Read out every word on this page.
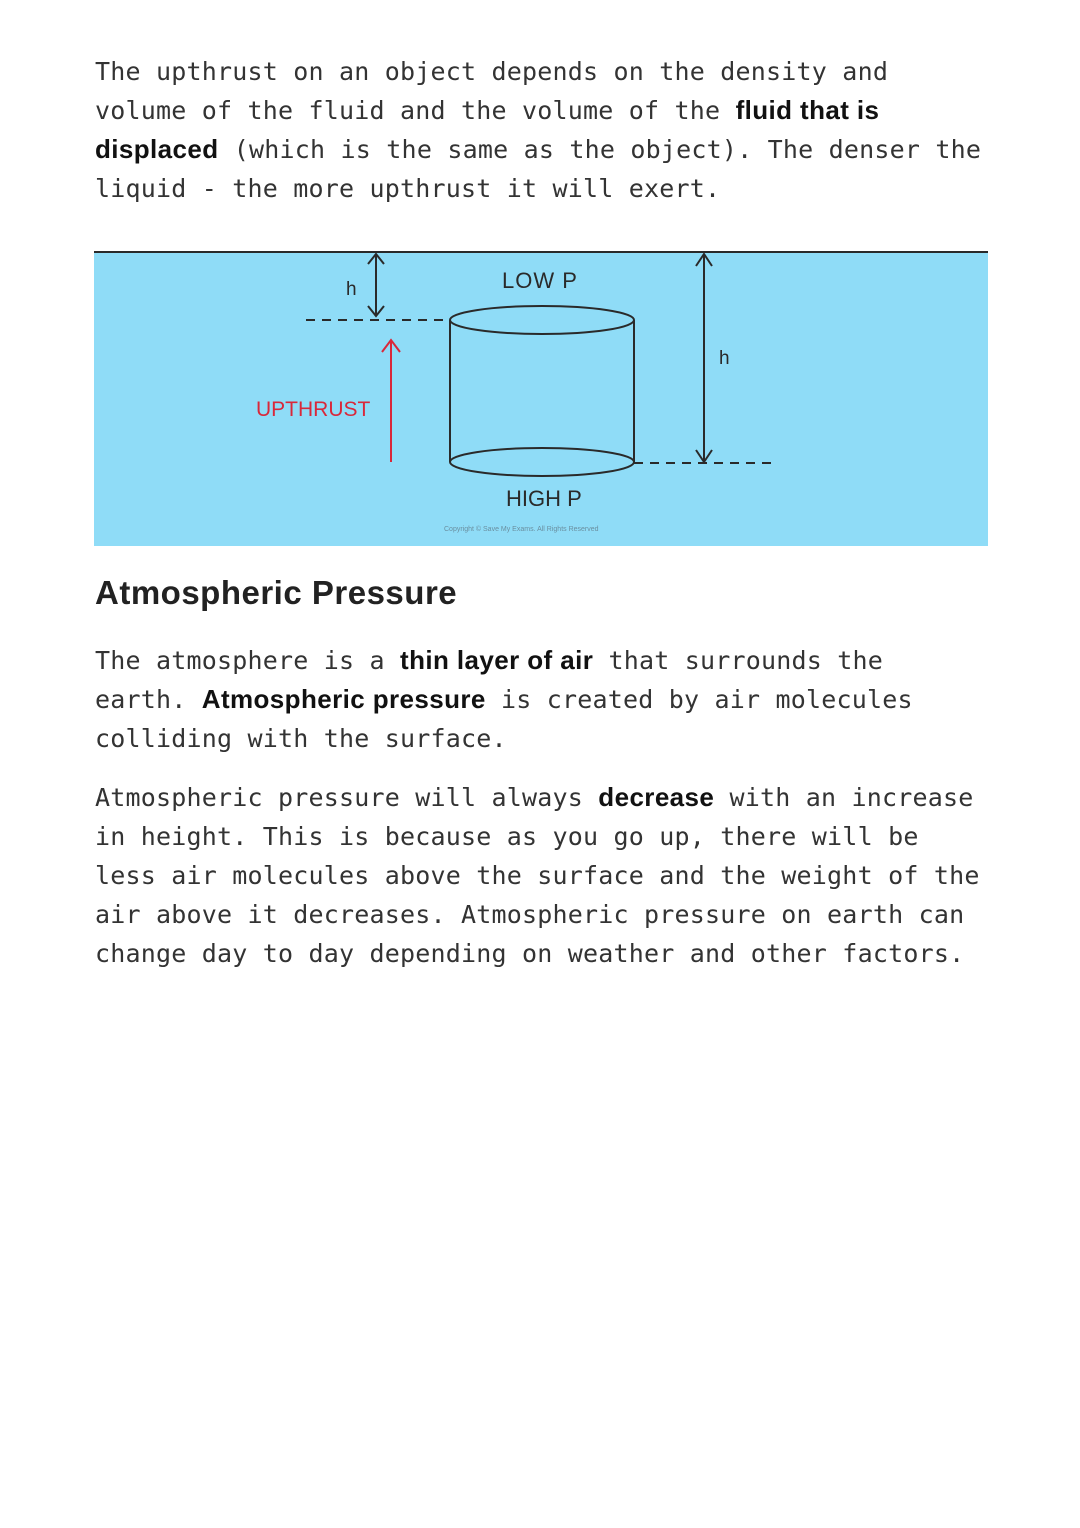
The upthrust on an object depends on the density and volume of the fluid and the volume of the fluid that is displaced (which is the same as the object). The denser the liquid - the more upthrust it will exert.

h
UPTHRUST
LOW P
HIGH P
Copyright © Save My Exams. All Rights Reserved
h
Atmospheric Pressure

The atmosphere is a thin layer of air that surrounds the earth. Atmospheric pressure is created by air molecules colliding with the surface.

Atmospheric pressure will always decrease with an increase in height. This is because as you go up, there will be less air molecules above the surface and the weight of the air above it decreases. Atmospheric pressure on earth can change day to day depending on weather and other factors.
